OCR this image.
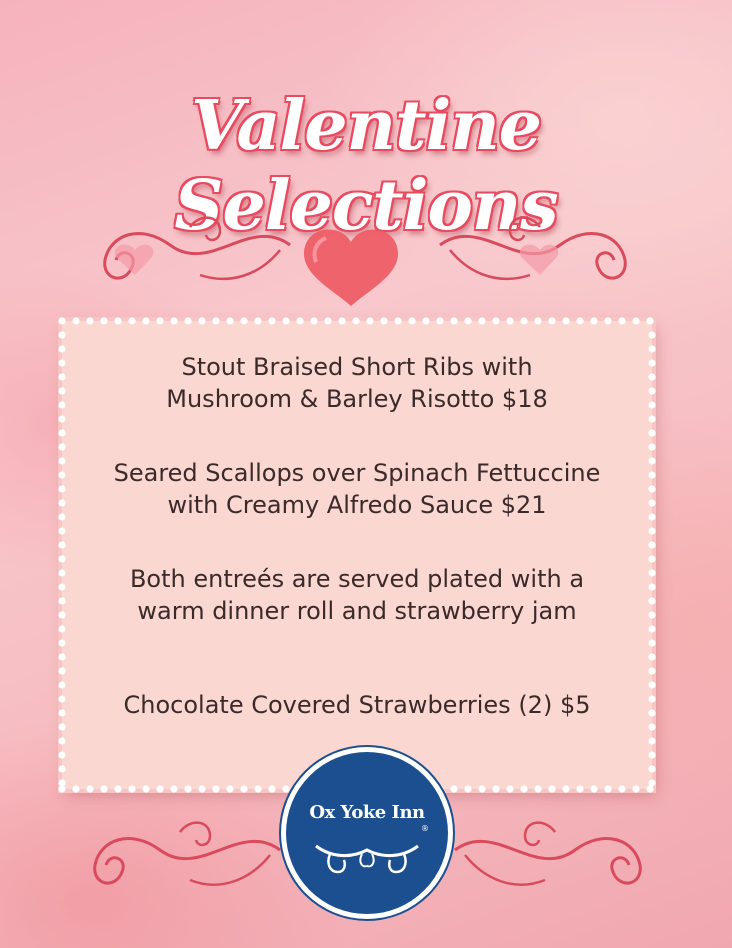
Valentine Selections
Stout Braised Short Ribs with
Mushroom & Barley Risotto $18
Seared Scallops over Spinach Fettuccine
with Creamy Alfredo Sauce $21
Both entreés are served plated with a
warm dinner roll and strawberry jam
Chocolate Covered Strawberries (2) $5
Ox Yoke Inn
®
